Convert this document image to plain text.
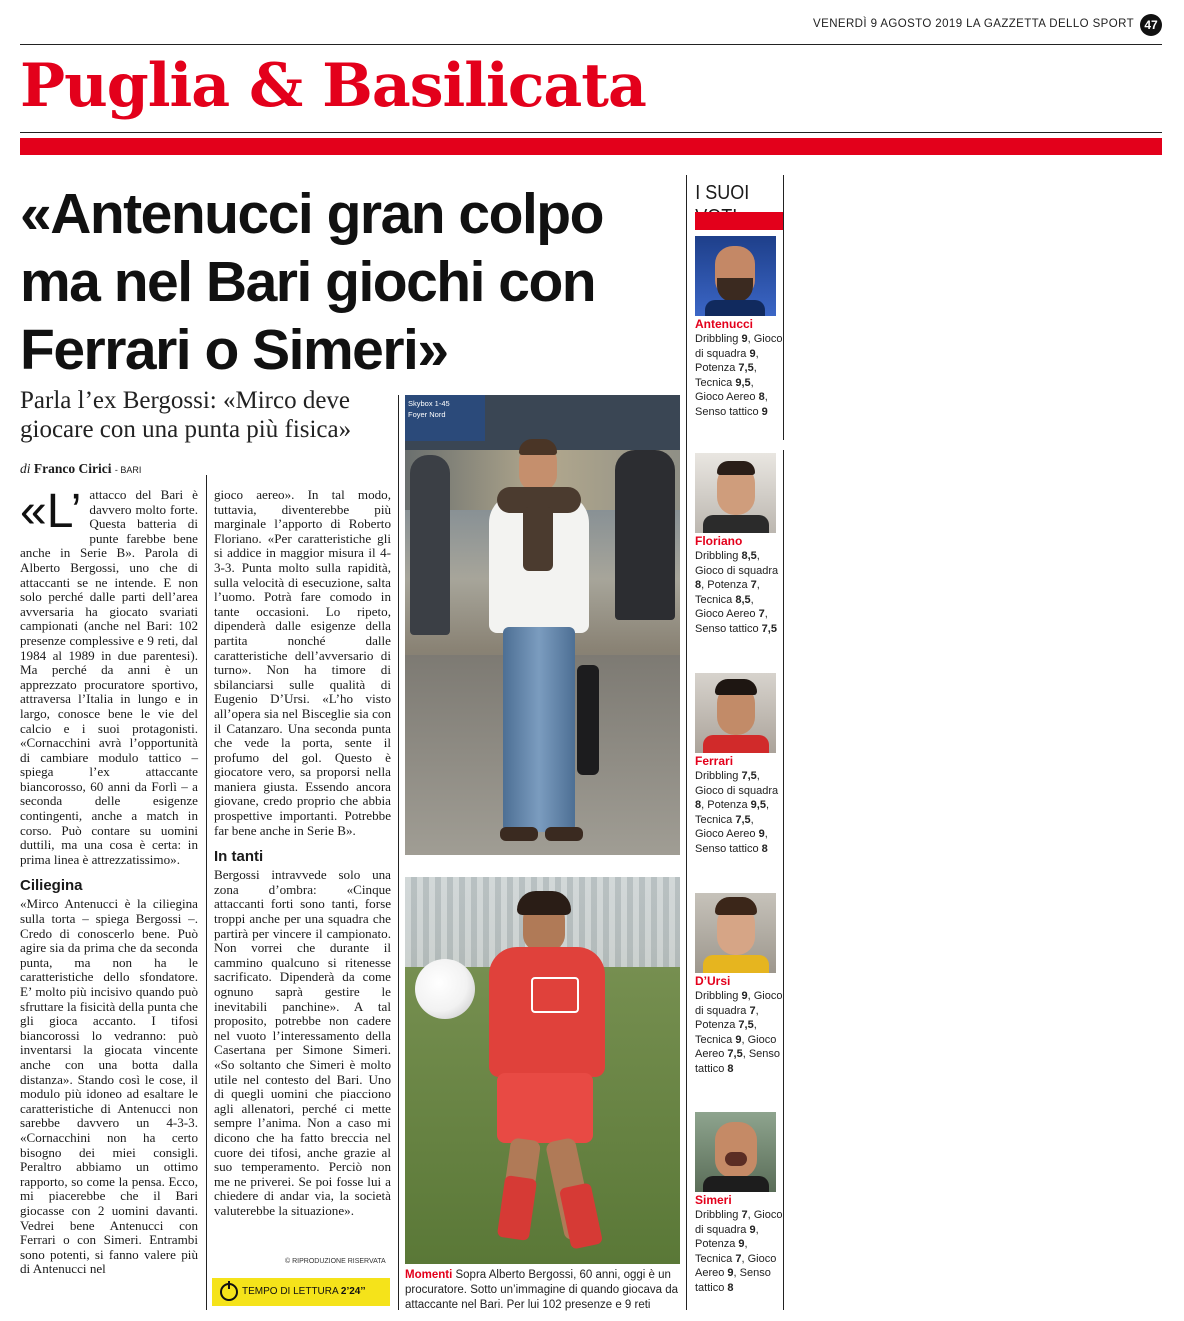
VENERDÌ 9 AGOSTO 2019 LA GAZZETTA DELLO SPORT 47
Puglia & Basilicata
«Antenucci gran colpo ma nel Bari giochi con Ferrari o Simeri»
Parla l’ex Bergossi: «Mirco deve giocare con una punta più fisica»
di Franco Cirici - BARI
«L’ attacco del Bari è davvero molto forte. Questa batteria di punte farebbe bene anche in Serie B». Parola di Alberto Bergossi, uno che di attaccanti se ne intende. E non solo perché dalle parti dell’area avversaria ha giocato svariati campionati (anche nel Bari: 102 presenze complessive e 9 reti, dal 1984 al 1989 in due parentesi). Ma perché da anni è un apprezzato procuratore sportivo, attraversa l’Italia in lungo e in largo, conosce bene le vie del calcio e i suoi protagonisti. «Cornacchini avrà l’opportunità di cambiare modulo tattico – spiega l’ex attaccante biancorosso, 60 anni da Forlì – a seconda delle esigenze contingenti, anche a match in corso. Può contare su uomini duttili, ma una cosa è certa: in prima linea è attrezzatissimo».

Ciliegina

«Mirco Antenucci è la ciliegina sulla torta – spiega Bergossi –. Credo di conoscerlo bene. Può agire sia da prima che da seconda punta, ma non ha le caratteristiche dello sfondatore. E’ molto più incisivo quando può sfruttare la fisicità della punta che gli gioca accanto. I tifosi biancorossi lo vedranno: può inventarsi la giocata vincente anche con una botta dalla distanza». Stando così le cose, il modulo più idoneo ad esaltare le caratteristiche di Antenucci non sarebbe davvero un 4-3-3. «Cornacchini non ha certo bisogno dei miei consigli. Peraltro abbiamo un ottimo rapporto, so come la pensa. Ecco, mi piacerebbe che il Bari giocasse con 2 uomini davanti. Vedrei bene Antenucci con Ferrari o con Simeri. Entrambi sono potenti, si fanno valere più di Antenucci nel

gioco aereo». In tal modo, tuttavia, diventerebbe più marginale l’apporto di Roberto Floriano. «Per caratteristiche gli si addice in maggior misura il 4-3-3. Punta molto sulla rapidità, sulla velocità di esecuzione, salta l’uomo. Potrà fare comodo in tante occasioni. Lo ripeto, dipenderà dalle esigenze della partita nonché dalle caratteristiche dell’avversario di turno». Non ha timore di sbilanciarsi sulle qualità di Eugenio D’Ursi. «L’ho visto all’opera sia nel Bisceglie sia con il Catanzaro. Una seconda punta che vede la porta, sente il profumo del gol. Questo è giocatore vero, sa proporsi nella maniera giusta. Essendo ancora giovane, credo proprio che abbia prospettive importanti. Potrebbe far bene anche in Serie B».

In tanti

Bergossi intravvede solo una zona d’ombra: «Cinque attaccanti forti sono tanti, forse troppi anche per una squadra che partirà per vincere il campionato. Non vorrei che durante il cammino qualcuno si ritenesse sacrificato. Dipenderà da come ognuno saprà gestire le inevitabili panchine». A tal proposito, potrebbe non cadere nel vuoto l’interessamento della Casertana per Simone Simeri. «So soltanto che Simeri è molto utile nel contesto del Bari. Uno di quegli uomini che piacciono agli allenatori, perché ci mette sempre l’anima. Non a caso mi dicono che ha fatto breccia nel cuore dei tifosi, anche grazie al suo temperamento. Perciò non me ne priverei. Se poi fosse lui a chiedere di andar via, la società valuterebbe la situazione».

© RIPRODUZIONE RISERVATA
TEMPO DI LETTURA 2’24’’
Skybox 1-45
Foyer Nord
Momenti Sopra Alberto Bergossi, 60 anni, oggi è un procuratore. Sotto un’immagine di quando giocava da attaccante nel Bari. Per lui 102 presenze e 9 reti
I SUOI
Antenucci
Dribbling 9, Gioco di squadra 9, Potenza 7,5, Tecnica 9,5, Gioco Aereo 8, Senso tattico 9
Floriano
Dribbling 8,5, Gioco di squadra 8, Potenza 7, Tecnica 8,5, Gioco Aereo 7, Senso tattico 7,5
Ferrari
Dribbling 7,5, Gioco di squadra 8, Potenza 9,5, Tecnica 7,5, Gioco Aereo 9, Senso tattico 8
D’Ursi
Dribbling 9, Gioco di squadra 7, Potenza 7,5, Tecnica 9, Gioco Aereo 7,5, Senso tattico 8
Simeri
Dribbling 7, Gioco di squadra 9, Potenza 9, Tecnica 7, Gioco Aereo 9, Senso tattico 8
